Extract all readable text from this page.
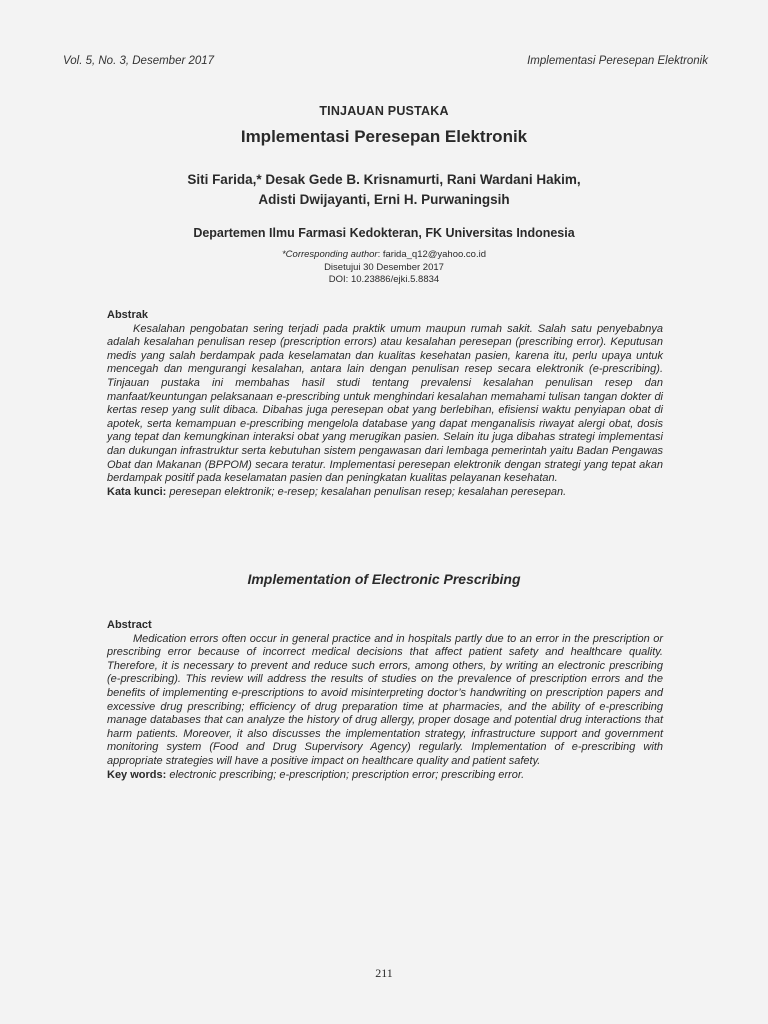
Vol. 5, No. 3, Desember 2017	Implementasi Peresepan Elektronik
TINJAUAN PUSTAKA
Implementasi Peresepan Elektronik
Siti Farida,* Desak Gede B. Krisnamurti, Rani Wardani Hakim,
Adisti Dwijayanti, Erni H. Purwaningsih
Departemen Ilmu Farmasi Kedokteran, FK Universitas Indonesia
*Corresponding author: farida_q12@yahoo.co.id
Disetujui 30 Desember 2017
DOI: 10.23886/ejki.5.8834
Abstrak
Kesalahan pengobatan sering terjadi pada praktik umum maupun rumah sakit. Salah satu penyebabnya adalah kesalahan penulisan resep (prescription errors) atau kesalahan peresepan (prescribing error). Keputusan medis yang salah berdampak pada keselamatan dan kualitas kesehatan pasien, karena itu, perlu upaya untuk mencegah dan mengurangi kesalahan, antara lain dengan penulisan resep secara elektronik (e-prescribing). Tinjauan pustaka ini membahas hasil studi tentang prevalensi kesalahan penulisan resep dan manfaat/keuntungan pelaksanaan e-prescribing untuk menghindari kesalahan memahami tulisan tangan dokter di kertas resep yang sulit dibaca. Dibahas juga peresepan obat yang berlebihan, efisiensi waktu penyiapan obat di apotek, serta kemampuan e-prescribing mengelola database yang dapat menganalisis riwayat alergi obat, dosis yang tepat dan kemungkinan interaksi obat yang merugikan pasien. Selain itu juga dibahas strategi implementasi dan dukungan infrastruktur serta kebutuhan sistem pengawasan dari lembaga pemerintah yaitu Badan Pengawas Obat dan Makanan (BPPOM) secara teratur. Implementasi peresepan elektronik dengan strategi yang tepat akan berdampak positif pada keselamatan pasien dan peningkatan kualitas pelayanan kesehatan.
Kata kunci: peresepan elektronik; e-resep; kesalahan penulisan resep; kesalahan peresepan.
Implementation of Electronic Prescribing
Abstract
Medication errors often occur in general practice and in hospitals partly due to an error in the prescription or prescribing error because of incorrect medical decisions that affect patient safety and healthcare quality. Therefore, it is necessary to prevent and reduce such errors, among others, by writing an electronic prescribing (e-prescribing). This review will address the results of studies on the prevalence of prescription errors and the benefits of implementing e-prescriptions to avoid misinterpreting doctor’s handwriting on prescription papers and excessive drug prescribing; efficiency of drug preparation time at pharmacies, and the ability of e-prescribing manage databases that can analyze the history of drug allergy, proper dosage and potential drug interactions that harm patients. Moreover, it also discusses the implementation strategy, infrastructure support and government monitoring system (Food and Drug Supervisory Agency) regularly. Implementation of e-prescribing with appropriate strategies will have a positive impact on healthcare quality and patient safety.
Key words: electronic prescribing; e-prescription; prescription error; prescribing error.
211
